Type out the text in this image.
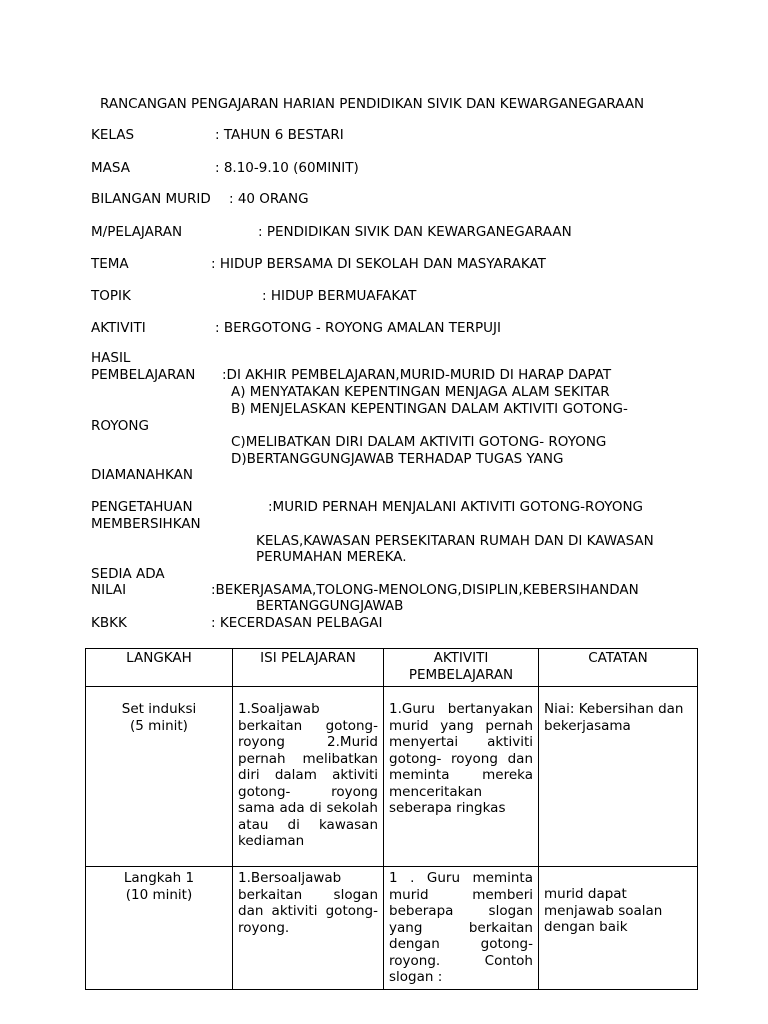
RANCANGAN PENGAJARAN HARIAN PENDIDIKAN SIVIK DAN KEWARGANEGARAAN
KELAS	: TAHUN 6 BESTARI
MASA	: 8.10-9.10 (60MINIT)
BILANGAN MURID : 40 ORANG
M/PELAJARAN	: PENDIDIKAN SIVIK DAN KEWARGANEGARAAN
TEMA	: HIDUP BERSAMA DI SEKOLAH DAN MASYARAKAT
TOPIK	: HIDUP BERMUAFAKAT
AKTIVITI	: BERGOTONG - ROYONG AMALAN TERPUJI
HASIL
PEMBELAJARAN :DI AKHIR PEMBELAJARAN,MURID-MURID DI HARAP DAPAT
A) MENYATAKAN KEPENTINGAN MENJAGA ALAM SEKITAR
B) MENJELASKAN KEPENTINGAN DALAM AKTIVITI GOTONG-
ROYONG
C)MELIBATKAN DIRI DALAM AKTIVITI GOTONG- ROYONG
D)BERTANGGUNGJAWAB TERHADAP TUGAS YANG
DIAMANAHKAN
PENGETAHUAN	:MURID PERNAH MENJALANI AKTIVITI GOTONG-ROYONG
MEMBERSIHKAN
KELAS,KAWASAN PERSEKITARAN RUMAH DAN DI KAWASAN
PERUMAHAN MEREKA.
SEDIA ADA
NILAI	:BEKERJASAMA,TOLONG-MENOLONG,DISIPLIN,KEBERSIHANDAN
BERTANGGUNGJAWAB
KBKK	: KECERDASAN PELBAGAI
LANGKAH	ISI PELAJARAN	AKTIVITI PEMBELAJARAN	CATATAN

Set induksi
(5 minit)	1.Soaljawab berkaitan gotong-royong 2.Murid pernah melibatkan diri dalam aktiviti gotong- royong sama ada di sekolah atau di kawasan kediaman	1.Guru bertanyakan murid yang pernah menyertai aktiviti gotong- royong dan meminta mereka menceritakan seberapa ringkas	Niai: Kebersihan dan bekerjasama

Langkah 1
(10 minit)	1.Bersoaljawab berkaitan slogan dan aktiviti gotong-royong.	1 . Guru meminta murid memberi beberapa slogan yang berkaitan dengan gotong-royong. Contoh slogan :	murid dapat menjawab soalan dengan baik
